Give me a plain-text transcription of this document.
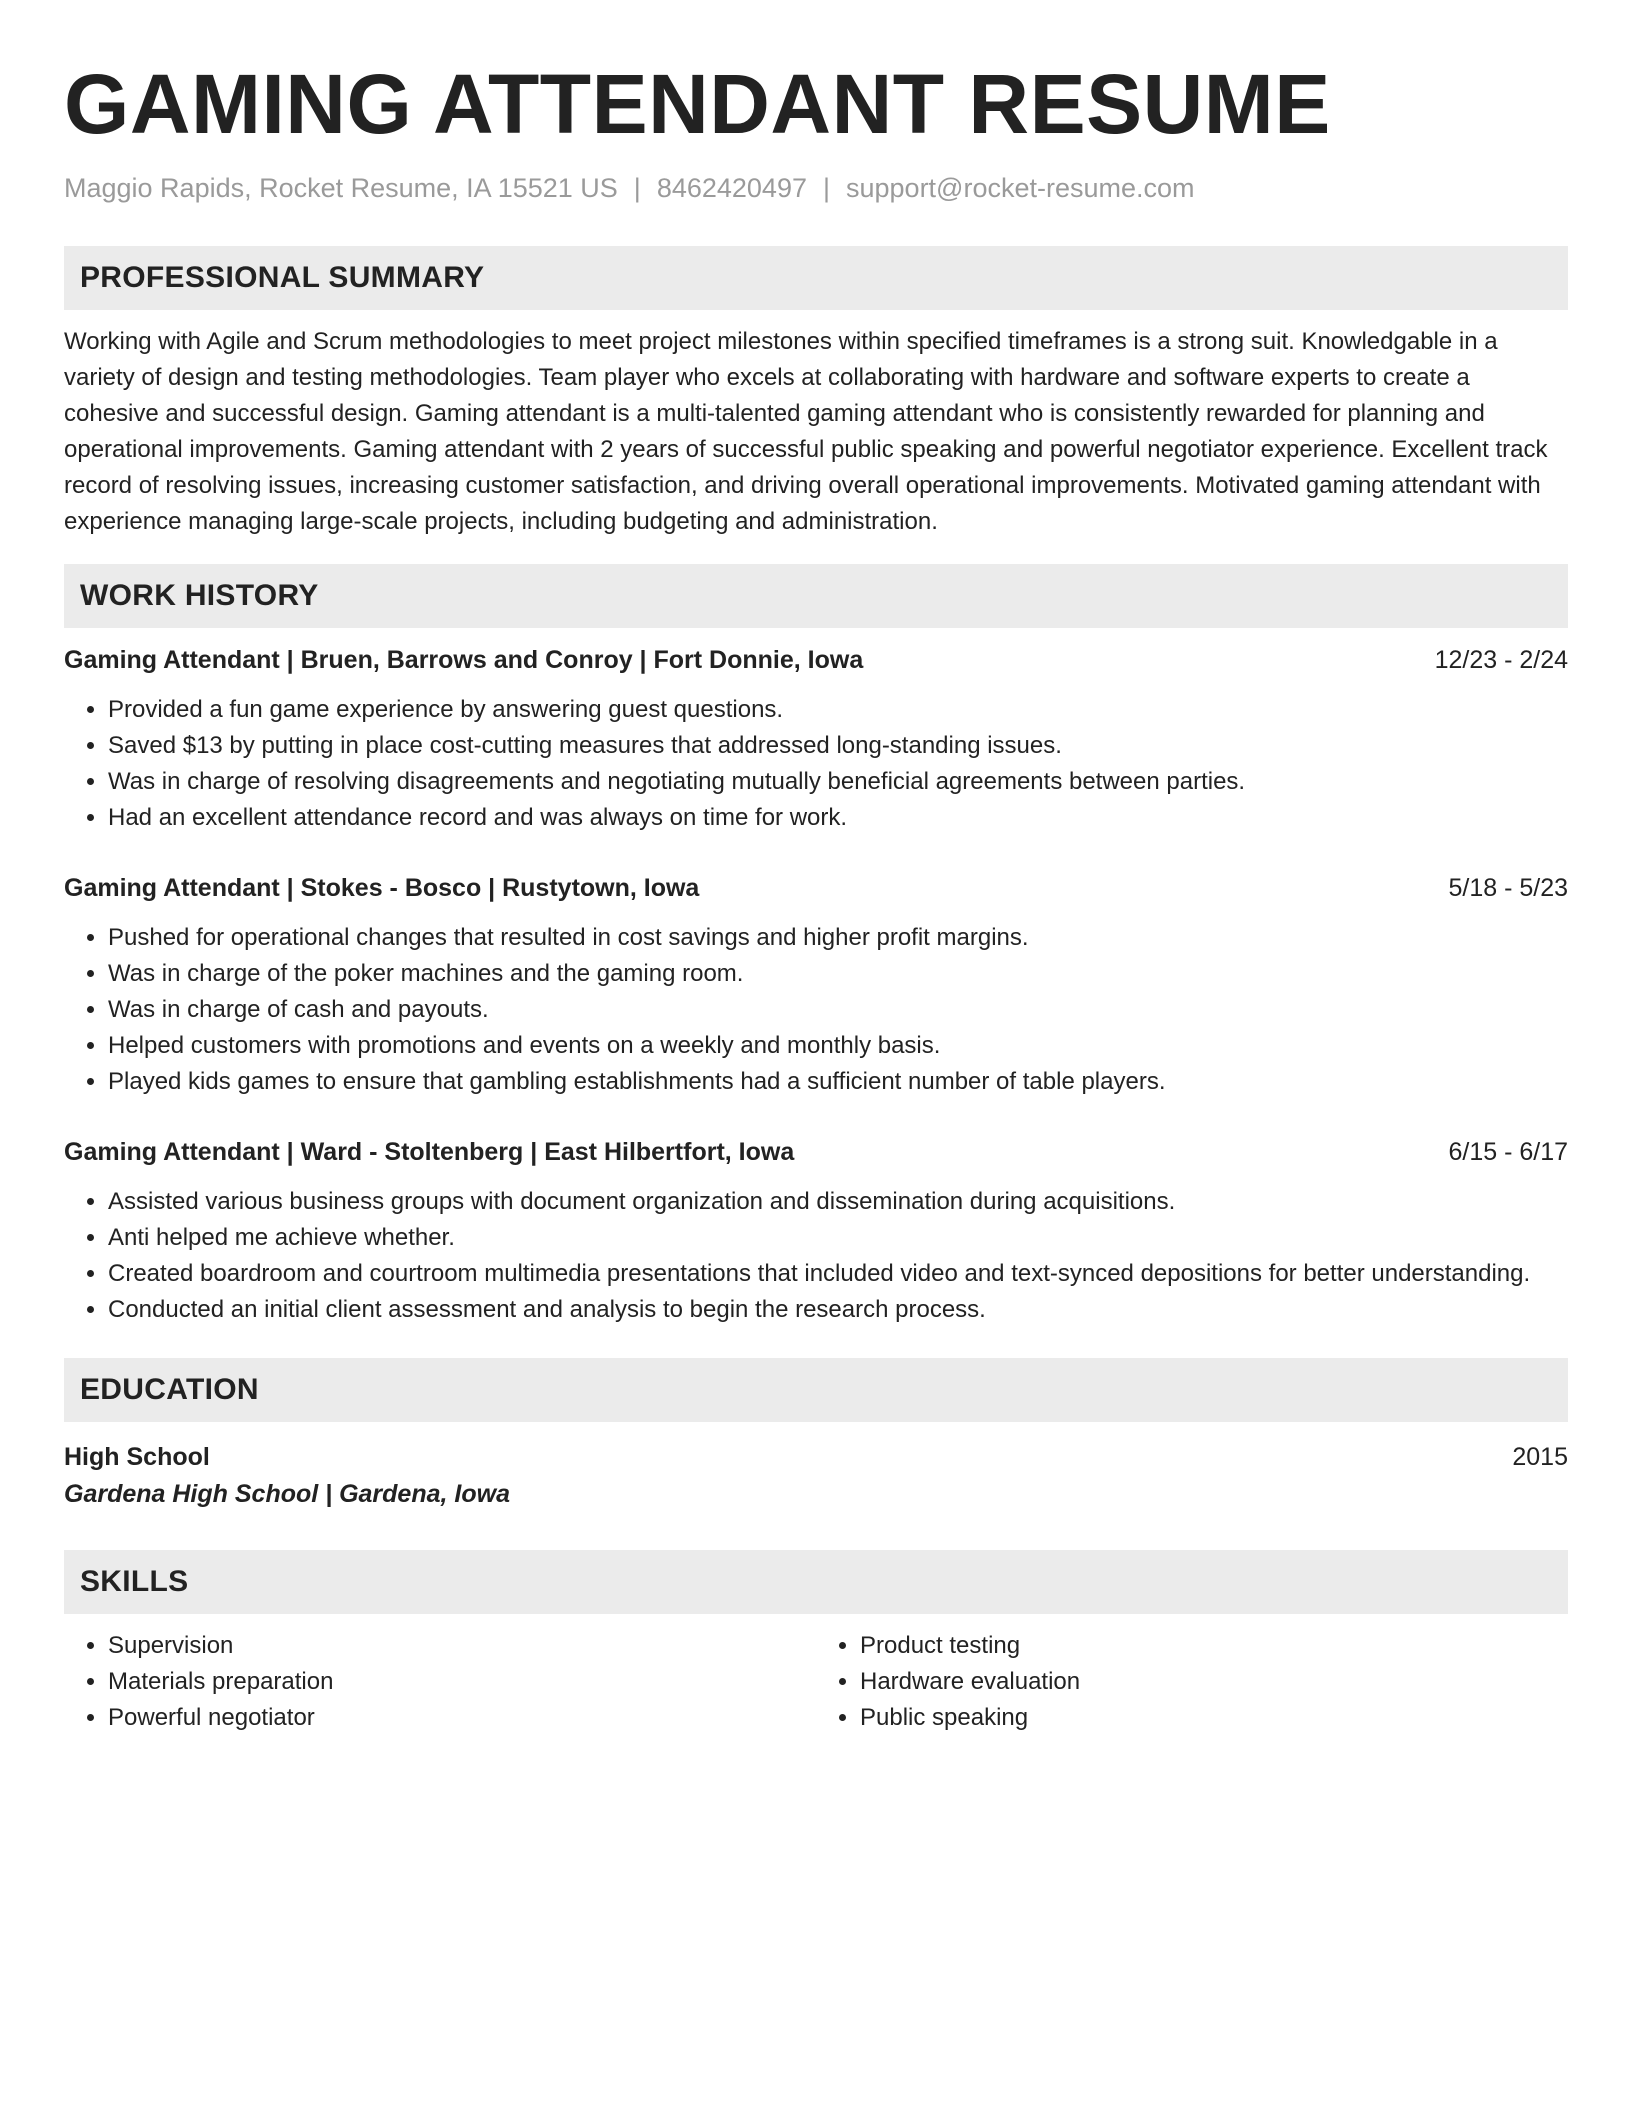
GAMING ATTENDANT RESUME
Maggio Rapids, Rocket Resume, IA 15521 US | 8462420497 | support@rocket-resume.com
PROFESSIONAL SUMMARY

Working with Agile and Scrum methodologies to meet project milestones within specified timeframes is a strong suit. Knowledgable in a variety of design and testing methodologies. Team player who excels at collaborating with hardware and software experts to create a cohesive and successful design. Gaming attendant is a multi-talented gaming attendant who is consistently rewarded for planning and operational improvements. Gaming attendant with 2 years of successful public speaking and powerful negotiator experience. Excellent track record of resolving issues, increasing customer satisfaction, and driving overall operational improvements. Motivated gaming attendant with experience managing large-scale projects, including budgeting and administration.

WORK HISTORY
Gaming Attendant | Bruen, Barrows and Conroy | Fort Donnie, Iowa	12/23 - 2/24
• Provided a fun game experience by answering guest questions.
• Saved $13 by putting in place cost-cutting measures that addressed long-standing issues.
• Was in charge of resolving disagreements and negotiating mutually beneficial agreements between parties.
• Had an excellent attendance record and was always on time for work.
Gaming Attendant | Stokes - Bosco | Rustytown, Iowa	5/18 - 5/23
• Pushed for operational changes that resulted in cost savings and higher profit margins.
• Was in charge of the poker machines and the gaming room.
• Was in charge of cash and payouts.
• Helped customers with promotions and events on a weekly and monthly basis.
• Played kids games to ensure that gambling establishments had a sufficient number of table players.
Gaming Attendant | Ward - Stoltenberg | East Hilbertfort, Iowa	6/15 - 6/17
• Assisted various business groups with document organization and dissemination during acquisitions.
• Anti helped me achieve whether.
• Created boardroom and courtroom multimedia presentations that included video and text-synced depositions for better understanding.
• Conducted an initial client assessment and analysis to begin the research process.
EDUCATION
High School	2015
Gardena High School | Gardena, Iowa
SKILLS
• Supervision
• Materials preparation
• Powerful negotiator
• Product testing
• Hardware evaluation
• Public speaking
